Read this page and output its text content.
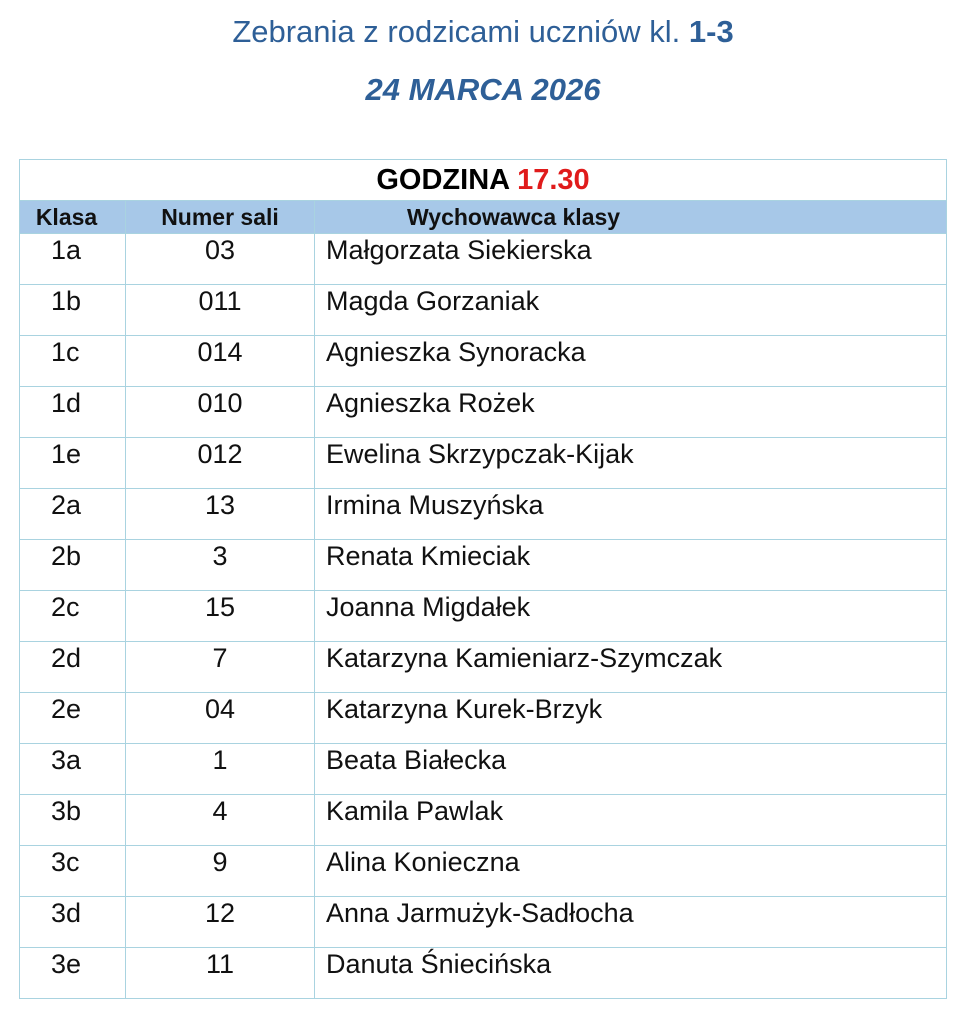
Zebrania z rodzicami uczniów kl. 1-3
24 MARCA 2026
GODZINA 17.30		
Klasa	Numer sali	Wychowawca klasy
1a	03	Małgorzata Siekierska
1b	011	Magda Gorzaniak
1c	014	Agnieszka Synoracka
1d	010	Agnieszka Rożek
1e	012	Ewelina Skrzypczak-Kijak
2a	13	Irmina Muszyńska
2b	3	Renata Kmieciak
2c	15	Joanna Migdałek
2d	7	Katarzyna Kamieniarz-Szymczak
2e	04	Katarzyna Kurek-Brzyk
3a	1	Beata Białecka
3b	4	Kamila Pawlak
3c	9	Alina Konieczna
3d	12	Anna Jarmużyk-Sadłocha
3e	11	Danuta Śniecińska
